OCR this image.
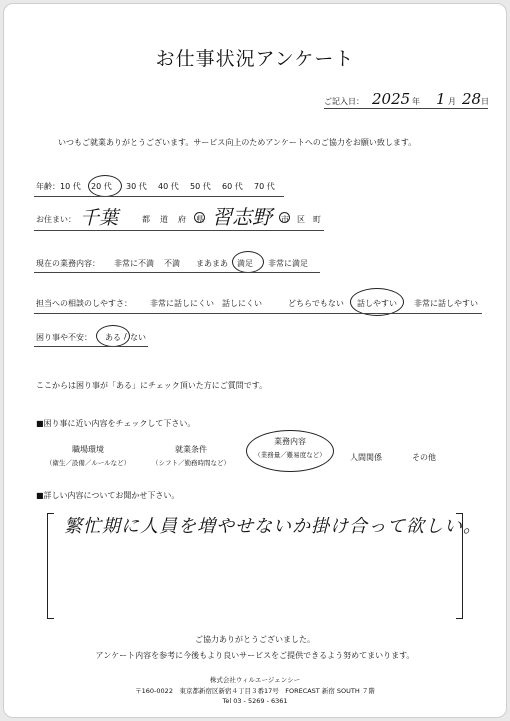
お仕事状況アンケート
ご記入日： 2025 年 1 月 28 日
いつもご就業ありがとうございます。サービス向上のためアンケートへのご協力をお願い致します。
年齢： 10 代 20 代 30 代 40 代 50 代 60 代 70 代
お住まい： 千葉	都 道 府 県 習志野 市 区 町
現在の業務内容： 非常に不満 不満 まあまあ 満足 非常に満足
担当への相談のしやすさ： 非常に話しにくい 話しにくい	どちらでもない 話しやすい 非常に話しやすい
困り事や不安： ある ない
/
ここからは困り事が「ある」にチェック頂いた方にご質問です。
■困り事に近い内容をチェックして下さい。
職場環境
（衛生／設備／ルールなど）
就業条件
（シフト／勤務時間など）
業務内容
（業務量／難易度など）	人間関係	その他
■詳しい内容についてお聞かせ下さい。
繁忙期に人員を増やせないか掛け合って欲しい。
ご協力ありがとうございました。
アンケート内容を参考に今後もより良いサービスをご提供できるよう努めてまいります。
株式会社ウィルエージェンシー
〒160-0022　東京都新宿区新宿４丁目３番17号　FORECAST 新宿 SOUTH ７階
Tel 03 - 5269 - 6361
